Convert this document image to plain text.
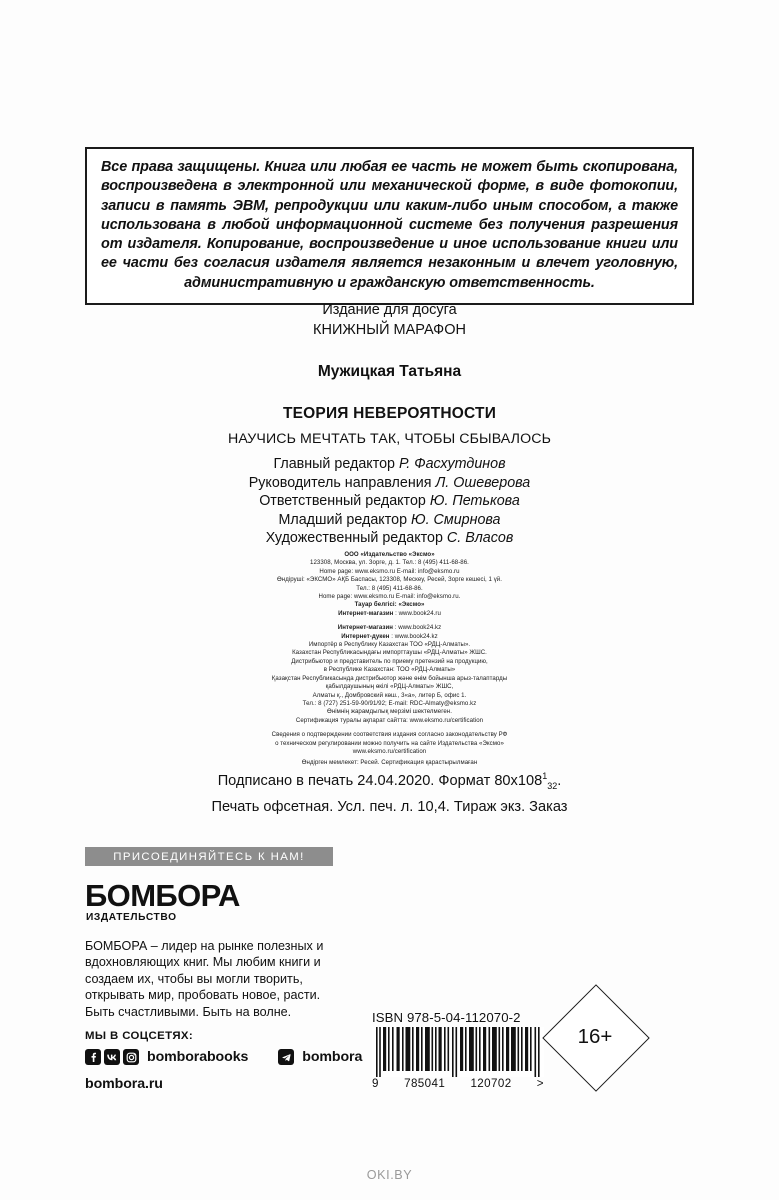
Все права защищены. Книга или любая ее часть не может быть скопирована, воспроизведена в электронной или механической форме, в виде фотокопии, записи в память ЭВМ, репродукции или каким-либо иным способом, а также использована в любой информационной системе без получения разрешения от издателя. Копирование, воспроизведение и иное использование книги или ее части без согласия издателя является незаконным и влечет уголовную, административную и гражданскую ответственность.

Издание для досуга

КНИЖНЫЙ МАРАФОН

Мужицкая Татьяна

ТЕОРИЯ НЕВЕРОЯТНОСТИ

НАУЧИСЬ МЕЧТАТЬ ТАК, ЧТОБЫ СБЫВАЛОСЬ

Главный редактор Р. Фасхутдинов

Руководитель направления Л. Ошеверова

Ответственный редактор Ю. Петькова

Младший редактор Ю. Смирнова

Художественный редактор С. Власов

ООО «Издательство «Эксмо»

123308, Москва, ул. Зорге, д. 1. Тел.: 8 (495) 411-68-86.

Home page: www.eksmo.ru E-mail: info@eksmo.ru

Өндіруші: «ЭКСМО» АҚБ Баспасы, 123308, Мескеу, Ресей, Зорге кешесі, 1 үй.

Тел.: 8 (495) 411-68-86.

Home page: www.eksmo.ru E-mail: info@eksmo.ru.

Тауар белгісі: «Эксмо»

Интернет-магазин : www.book24.ru

Интернет-магазин : www.book24.kz

Интернет-дукен : www.book24.kz

Импортёр в Республику Казахстан ТОО «РДЦ-Алматы».

Казахстан Республикасындағы импорттаушы «РДЦ-Алматы» ЖШС.

Дистрибьютор и представитель по приему претензий на продукцию,

в Республике Казахстан: ТОО «РДЦ-Алматы»

Қазақстан Республикасында дистрибьютор және өнім бойынша арыз-талаптарды

қабылдаушының өкілі «РДЦ-Алматы» ЖШС,

Алматы қ., Домбровский көш., 3«а», литер Б, офис 1.

Тел.: 8 (727) 251-59-90/91/92; E-mail: RDC-Almaty@eksmo.kz

Өнімнің жарамдылық мерзімі шектелмеген.

Сертификация туралы ақпарат сайтта: www.eksmo.ru/certification

Сведения о подтверждении соответствия издания согласно законодательству РФ

о техническом регулировании можно получить на сайте Издательства «Эксмо»

www.eksmo.ru/certification

Өндірген мемлекет: Ресей. Сертификация қарастырылмаған

Подписано в печать 24.04.2020. Формат $80x108^1_{32}$.

Печать офсетная. Усл. печ. л. 10,4. Тираж экз. Заказ

ПРИСОЕДИНЯЙТЕСЬ К НАМ!
БОМБОРА
ИЗДАТЕЛЬСТВО

БОМБОРА – лидер на рынке полезных и вдохновляющих книг. Мы любим книги и создаем их, чтобы вы могли творить, открывать мир, пробовать новое, расти. Быть счастливыми. Быть на волне.

МЫ В СОЦСЕТЯХ:
bomborabooks	bombora
bombora.ru
ISBN 978-5-04-112070-2
9 785041 120702 >
16+
OKI.BY
